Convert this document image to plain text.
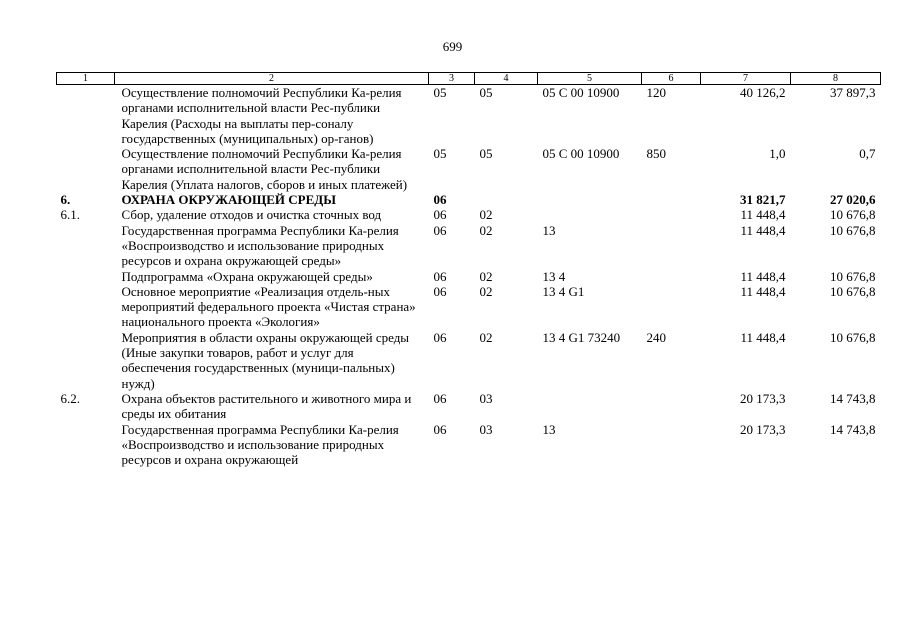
699
1	2	3	4	5	6	7	8
	Осуществление полномочий Республики Ка-релия органами исполнительной власти Рес-публики Карелия (Расходы на выплаты пер-соналу государственных (муниципальных) ор-ганов)	05	05	05 С 00 10900	120	40 126,2	37 897,3
	Осуществление полномочий Республики Ка-релия органами исполнительной власти Рес-публики Карелия (Уплата налогов, сборов и иных платежей)	05	05	05 С 00 10900	850	1,0	0,7
6.	ОХРАНА ОКРУЖАЮЩЕЙ СРЕДЫ	06				31 821,7	27 020,6
6.1.	Сбор, удаление отходов и очистка сточных вод	06	02			11 448,4	10 676,8
	Государственная программа Республики Ка-релия «Воспроизводство и использование природных ресурсов и охрана окружающей среды»	06	02	13		11 448,4	10 676,8
	Подпрограмма «Охрана окружающей среды»	06	02	13 4		11 448,4	10 676,8
	Основное мероприятие «Реализация отдель-ных мероприятий федерального проекта «Чистая страна» национального проекта «Экология»	06	02	13 4 G1		11 448,4	10 676,8
	Мероприятия в области охраны окружающей среды (Иные закупки товаров, работ и услуг для обеспечения государственных (муници-пальных) нужд)	06	02	13 4 G1 73240	240	11 448,4	10 676,8
6.2.	Охрана объектов растительного и животного мира и среды их обитания	06	03			20 173,3	14 743,8
	Государственная программа Республики Ка-релия «Воспроизводство и использование природных ресурсов и охрана окружающей	06	03	13		20 173,3	14 743,8
